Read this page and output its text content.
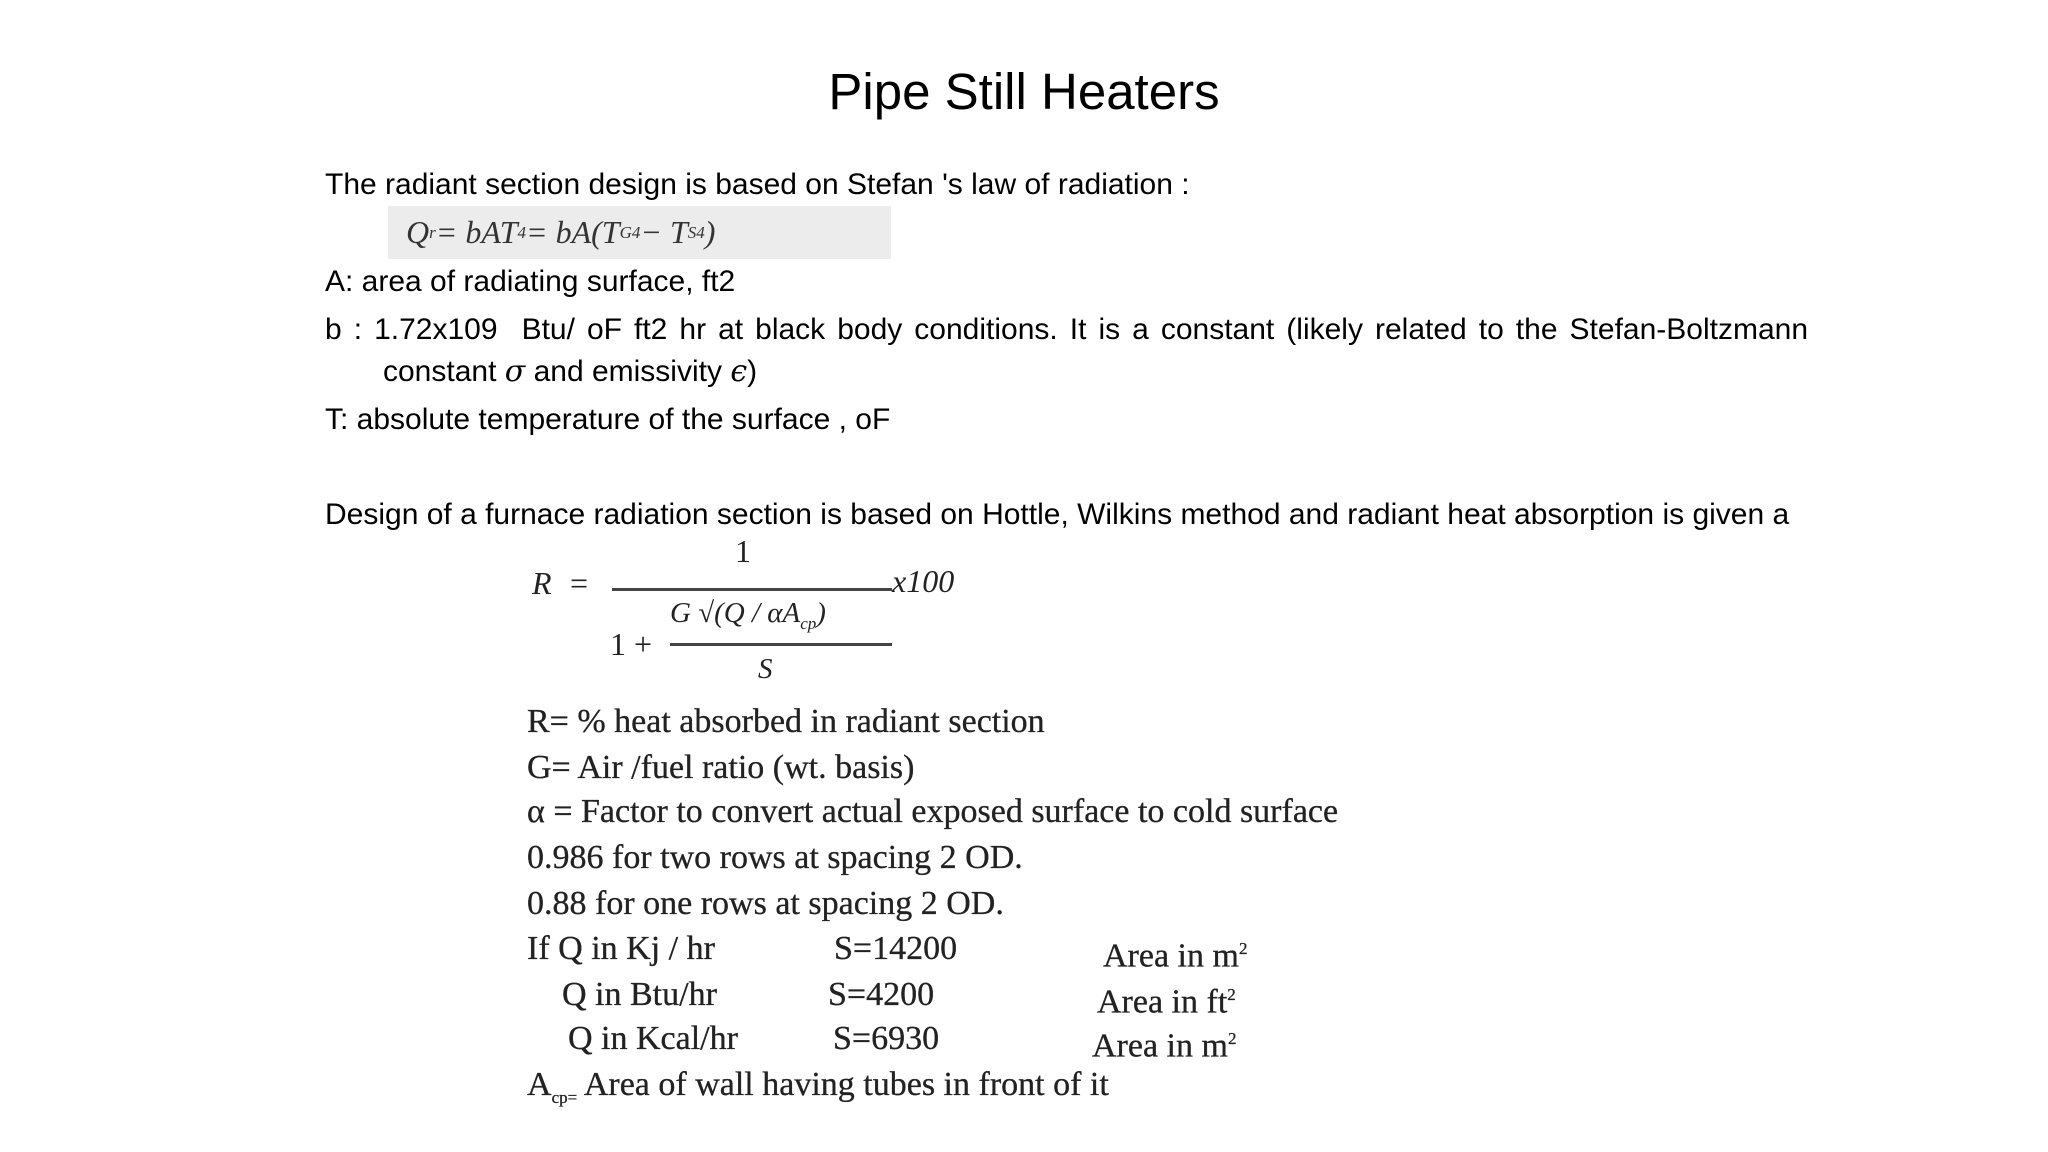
Pipe Still Heaters
The radiant section design is based on Stefan 's law of radiation :
Q r = bAT 4 = bA(T G 4 − T S 4 )
A: area of radiating surface, ft2
b : 1.72x109  Btu/ oF ft2 hr at black body conditions. It is a constant (likely related to the Stefan-Boltzmann constant σ and emissivity ϵ)
T: absolute temperature of the surface , oF
Design of a furnace radiation section is based on Hottle, Wilkins method and radiant heat absorption is given a
R =
1
x100
1 +
G $√(Q / \alpha A_{cp})$
S
R= % heat absorbed in radiant section
G= Air /fuel ratio (wt. basis)
α = Factor to convert actual exposed surface to cold surface
0.986 for two rows at spacing 2 OD.
0.88 for one rows at spacing 2 OD.
If Q in Kj / hr	S=14200	Area in $m^2$
Q in Btu/hr	S=4200	Area in $ft^2$
Q in Kcal/hr	S=6930	Area in $m^2$
$A_{cp=}$ Area of wall having tubes in front of it
